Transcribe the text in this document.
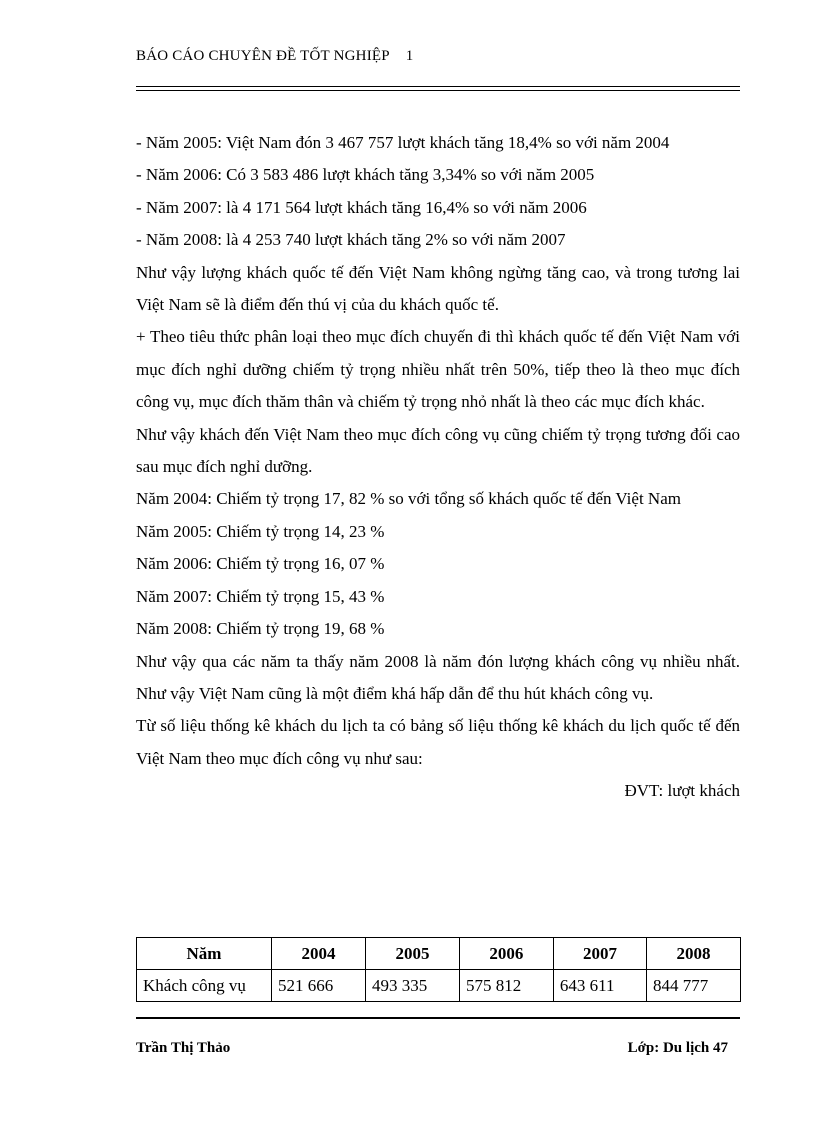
BÁO CÁO CHUYÊN ĐỀ TỐT NGHIỆP 1

- Năm 2005: Việt Nam đón 3 467 757 lượt khách tăng 18,4% so với năm 2004

- Năm 2006: Có 3 583 486 lượt khách tăng 3,34% so với năm 2005

- Năm 2007: là 4 171 564 lượt khách tăng 16,4% so với năm 2006

- Năm 2008: là 4 253 740 lượt khách tăng 2% so với năm 2007

Như vậy lượng khách quốc tế đến Việt Nam không ngừng tăng cao, và trong tương lai Việt Nam sẽ là điểm đến thú vị của du khách quốc tế.

+ Theo tiêu thức phân loại theo mục đích chuyến đi thì khách quốc tế đến Việt Nam với mục đích nghỉ dưỡng chiếm tỷ trọng nhiều nhất trên 50%, tiếp theo là theo mục đích công vụ, mục đích thăm thân và chiếm tỷ trọng nhỏ nhất là theo các mục đích khác.

Như vậy khách đến Việt Nam theo mục đích công vụ cũng chiếm tỷ trọng tương đối cao sau mục đích nghỉ dưỡng.

Năm 2004: Chiếm tỷ trọng 17, 82 % so với tổng số khách quốc tế đến Việt Nam

Năm 2005: Chiếm tỷ trọng 14, 23 %

Năm 2006: Chiếm tỷ trọng 16, 07 %

Năm 2007: Chiếm tỷ trọng 15, 43 %

Năm 2008: Chiếm tỷ trọng 19, 68 %

Như vậy qua các năm ta thấy năm 2008 là năm đón lượng khách công vụ nhiều nhất. Như vậy Việt Nam cũng là một điểm khá hấp dẫn để thu hút khách công vụ.

Từ số liệu thống kê khách du lịch ta có bảng số liệu thống kê khách du lịch quốc tế đến Việt Nam theo mục đích công vụ như sau:

ĐVT: lượt khách

Năm	2004	2005	2006	2007	2008
Khách công vụ	521 666	493 335	575 812	643 611	844 777
Trần Thị Thảo	Lớp: Du lịch 47
